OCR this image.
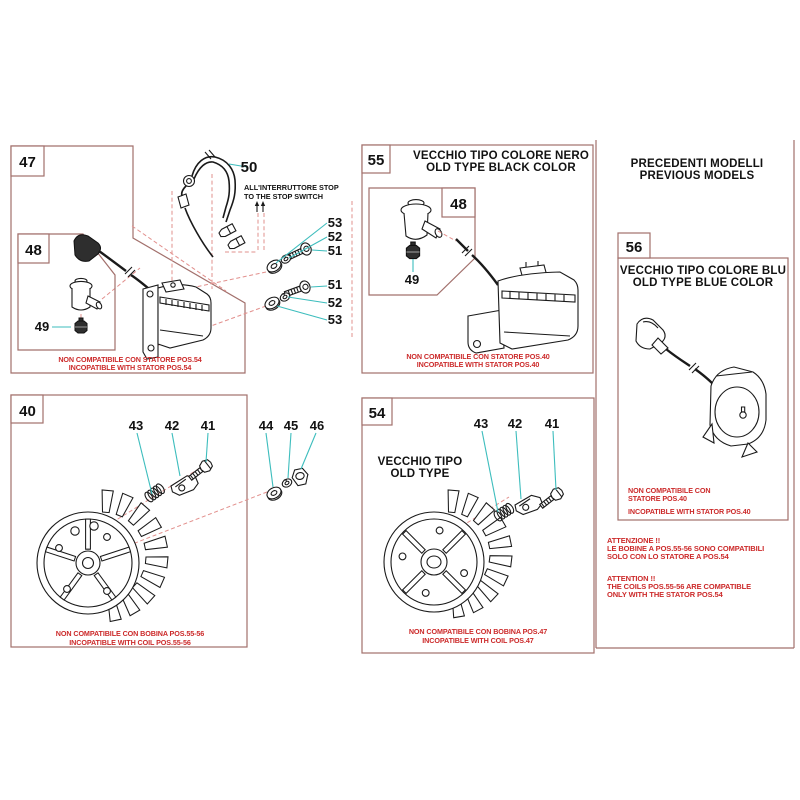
47
48
49
50
ALL'INTERRUTTORE STOP
TO THE STOP SWITCH
53
52
51
51
52
53
NON COMPATIBILE CON STATORE POS.54
INCOPATIBLE WITH STATOR POS.54
55 VECCHIO TIPO COLORE NERO
OLD TYPE BLACK COLOR
48
49
NON COMPATIBILE CON STATORE POS.40
INCOPATIBLE WITH STATOR POS.40
PRECEDENTI MODELLI
PREVIOUS MODELS
56
VECCHIO TIPO COLORE BLU
OLD TYPE BLUE COLOR
NON COMPATIBILE CON
STATORE POS.40
INCOPATIBLE WITH STATOR POS.40
ATTENZIONE !!
LE BOBINE A POS.55-56 SONO COMPATIBILI
SOLO CON LO STATORE A POS.54
ATTENTION !!
THE COILS POS.55-56 ARE COMPATIBLE
ONLY WITH THE STATOR POS.54
40
43 42 41	44 45 46
NON COMPATIBILE CON BOBINA POS.55-56
INCOPATIBLE WITH COIL POS.55-56
54
VECCHIO TIPO
OLD TYPE
43 42 41
NON COMPATIBILE CON BOBINA POS.47
INCOPATIBLE WITH COIL POS.47
